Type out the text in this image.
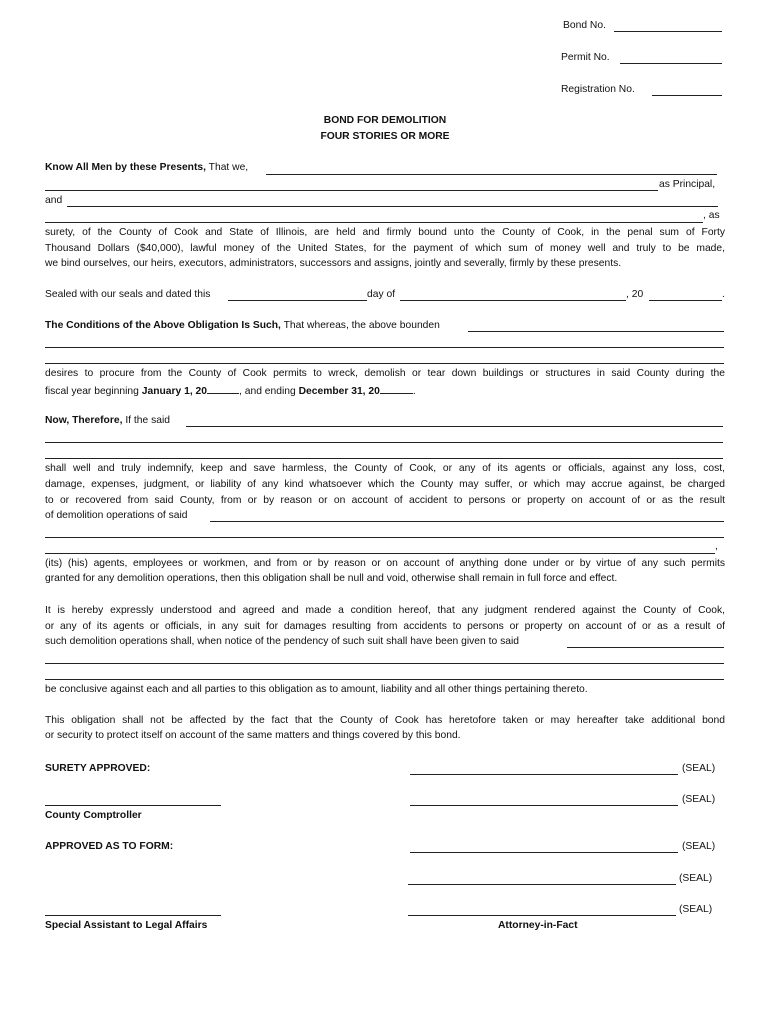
Bond No.
Permit No.
Registration No.
BOND FOR DEMOLITION
FOUR STORIES OR MORE
Know All Men by these Presents, That we,
as Principal,
and
, as
surety, of the County of Cook and State of Illinois, are held and firmly bound unto the County of Cook, in the penal sum of Forty
Thousand Dollars ($40,000), lawful money of the United States, for the payment of which sum of money well and truly to be made,
we bind ourselves, our heirs, executors, administrators, successors and assigns, jointly and severally, firmly by these presents.
Sealed with our seals and dated this	day of	, 20	.
The Conditions of the Above Obligation Is Such, That whereas, the above bounden
desires to procure from the County of Cook permits to wreck, demolish or tear down buildings or structures in said County during the
fiscal year beginning January 1, 20	, and ending December 31, 20	.
Now, Therefore, If the said
shall well and truly indemnify, keep and save harmless, the County of Cook, or any of its agents or officials, against any loss, cost,
damage, expenses, judgment, or liability of any kind whatsoever which the County may suffer, or which may accrue against, be charged
to or recovered from said County, from or by reason or on account of accident to persons or property on account of or as the result
of demolition operations of said
,
(its) (his) agents, employees or workmen, and from or by reason or on account of anything done under or by virtue of any such permits
granted for any demolition operations, then this obligation shall be null and void, otherwise shall remain in full force and effect.
It is hereby expressly understood and agreed and made a condition hereof, that any judgment rendered against the County of Cook,
or any of its agents or officials, in any suit for damages resulting from accidents to persons or property on account of or as a result of
such demolition operations shall, when notice of the pendency of such suit shall have been given to said
be conclusive against each and all parties to this obligation as to amount, liability and all other things pertaining thereto.
This obligation shall not be affected by the fact that the County of Cook has heretofore taken or may hereafter take additional bond
or security to protect itself on account of the same matters and things covered by this bond.
SURETY APPROVED:	(SEAL)
(SEAL)
County Comptroller
APPROVED AS TO FORM:	(SEAL)
(SEAL)
(SEAL)
Special Assistant to Legal Affairs	Attorney-in-Fact
